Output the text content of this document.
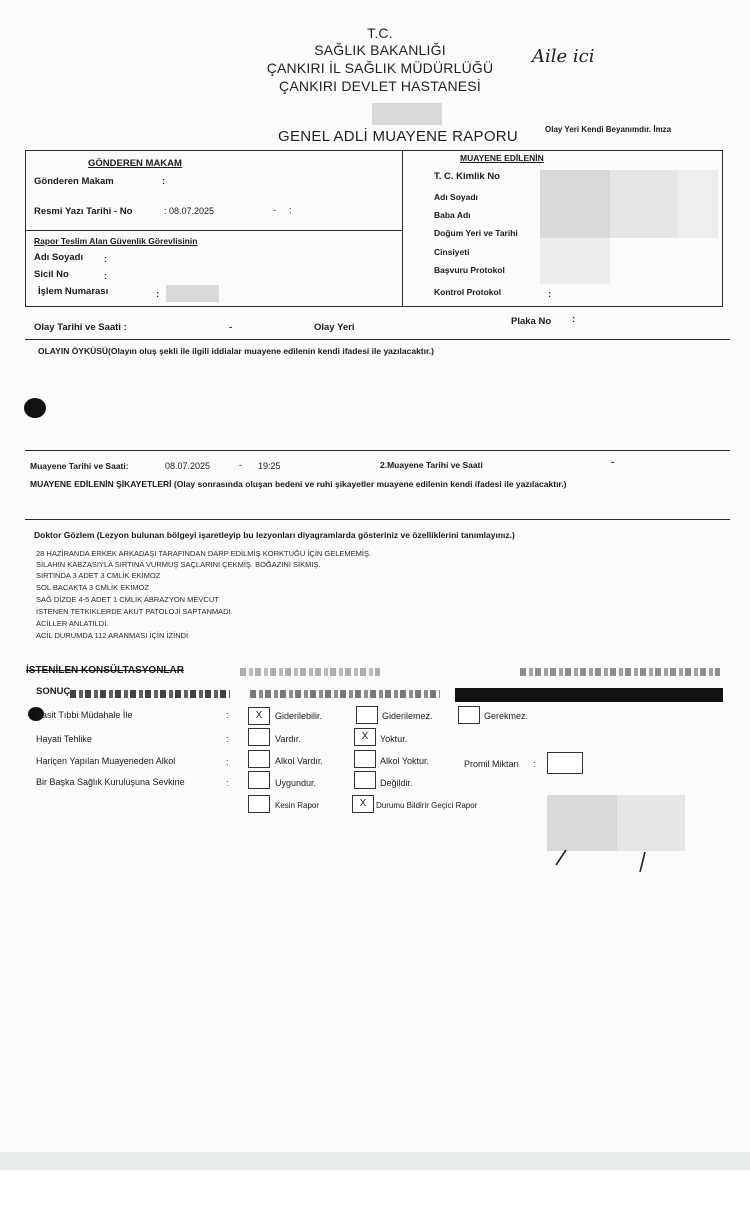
T.C.
SAĞLIK BAKANLIĞI
ÇANKIRI İL SAĞLIK MÜDÜRLÜĞÜ
ÇANKIRI DEVLET HASTANESİ
Aile ici
GENEL ADLİ MUAYENE RAPORU	Olay Yeri Kendi Beyanımdır. İmza
GÖNDEREN MAKAM
Gönderen Makam	:
Resmi Yazı Tarihi - No	: 08.07.2025	- :
Rapor Teslim Alan Güvenlik Görevlisinin
Adı Soyadı :
Sicil No	:
İşlem Numarası	:
MUAYENE EDİLENİN
T. C. Kimlik No
Adı Soyadı
Baba Adı
Doğum Yeri ve Tarihi
Cinsiyeti
Başvuru Protokol
Kontrol Protokol	:
Olay Tarihi ve Saati :	-	Olay Yeri
Plaka No :
OLAYIN ÖYKÜSÜ(Olayın oluş şekli ile ilgili iddialar muayene edilenin kendi ifadesi ile yazılacaktır.)
Muayene Tarihi ve Saati:	08.07.2025	- 19:25	2.Muayene Tarihi ve Saati	-
MUAYENE EDİLENİN ŞİKAYETLERİ (Olay sonrasında oluşan bedeni ve ruhi şikayetler muayene edilenin kendi ifadesi ile yazılacaktır.)
Doktor Gözlem (Lezyon bulunan bölgeyi işaretleyip bu lezyonları diyagramlarda gösteriniz ve özelliklerini tanımlayınız.)
28 HAZİRANDA ERKEK ARKADAŞI TARAFINDAN DARP EDİLMİŞ KORKTUĞU İÇİN GELEMEMİŞ.
SİLAHIN KABZASIYLA SIRTINA VURMUŞ SAÇLARINI ÇEKMİŞ. BOĞAZINI SIKMIŞ.
SIRTINDA 3 ADET 3 CMLİK EKİMOZ
SOL BACAKTA 3 CMLİK EKİMOZ
SAĞ DİZDE 4-5 ADET 1 CMLİK ABRAZYON MEVCUT
İSTENEN TETKİKLERDE AKUT PATOLOJİ SAPTANMADI.
ACİLLER ANLATILDI.
ACİL DURUMDA 112 ARANMASI İÇİN İZİNDİ
İSTENİLEN KONSÜLTASYONLAR
SONUÇ
Basit Tıbbi Müdahale İle	:	X	Giderilebilir.	Giderilemez.	Gerekmez.
Hayati Tehlike	:	Vardır.	X	Yoktur.
Hariçen Yapılan Muayeneden Alkol	:	Alkol Vardır.	Alkol Yoktur.	Promil Miktarı :
Bir Başka Sağlık Kuruluşuna Sevkine	:	Uygundur.	Değildir.
Kesin Rapor	X	Durumu Bildirir Geçici Rapor
